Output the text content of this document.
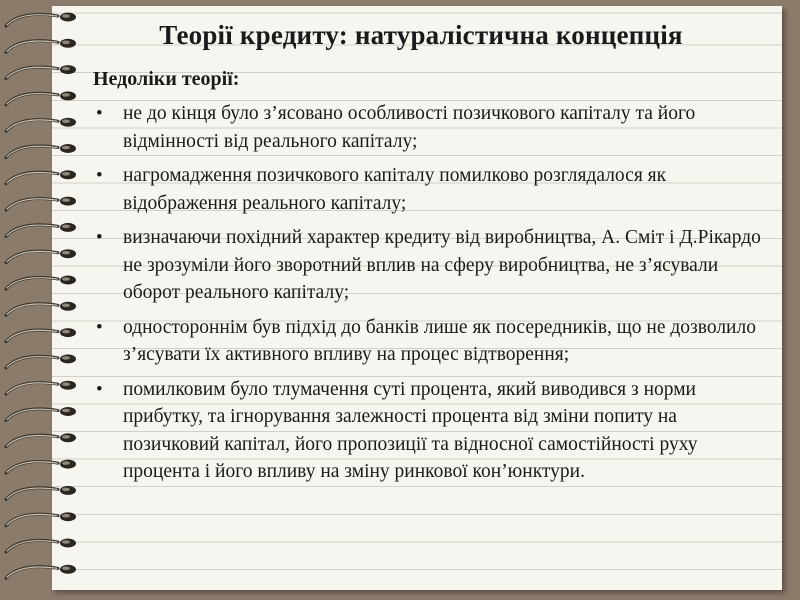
Теорії кредиту: натуралістична концепція
Недоліки теорії:
• не до кінця було з’ясовано особливості позичкового капіталу та його відмінності від реального капіталу;
• нагромадження позичкового капіталу помилково розглядалося як відображення реального капіталу;
• визначаючи похідний характер кредиту від виробництва, А. Сміт і Д.Рікардо не зрозуміли його зворотний вплив на сферу виробництва, не з’ясували оборот реального капіталу;
• одностороннім був підхід до банків лише як посередників, що не дозволило з’ясувати їх активного впливу на процес відтворення;
• помилковим було тлумачення суті процента, який виводився з норми прибутку, та ігнорування залежності процента від зміни попиту на позичковий капітал, його пропозиції та відносної самостійності руху процента і його впливу на зміну ринкової кон’юнктури.
